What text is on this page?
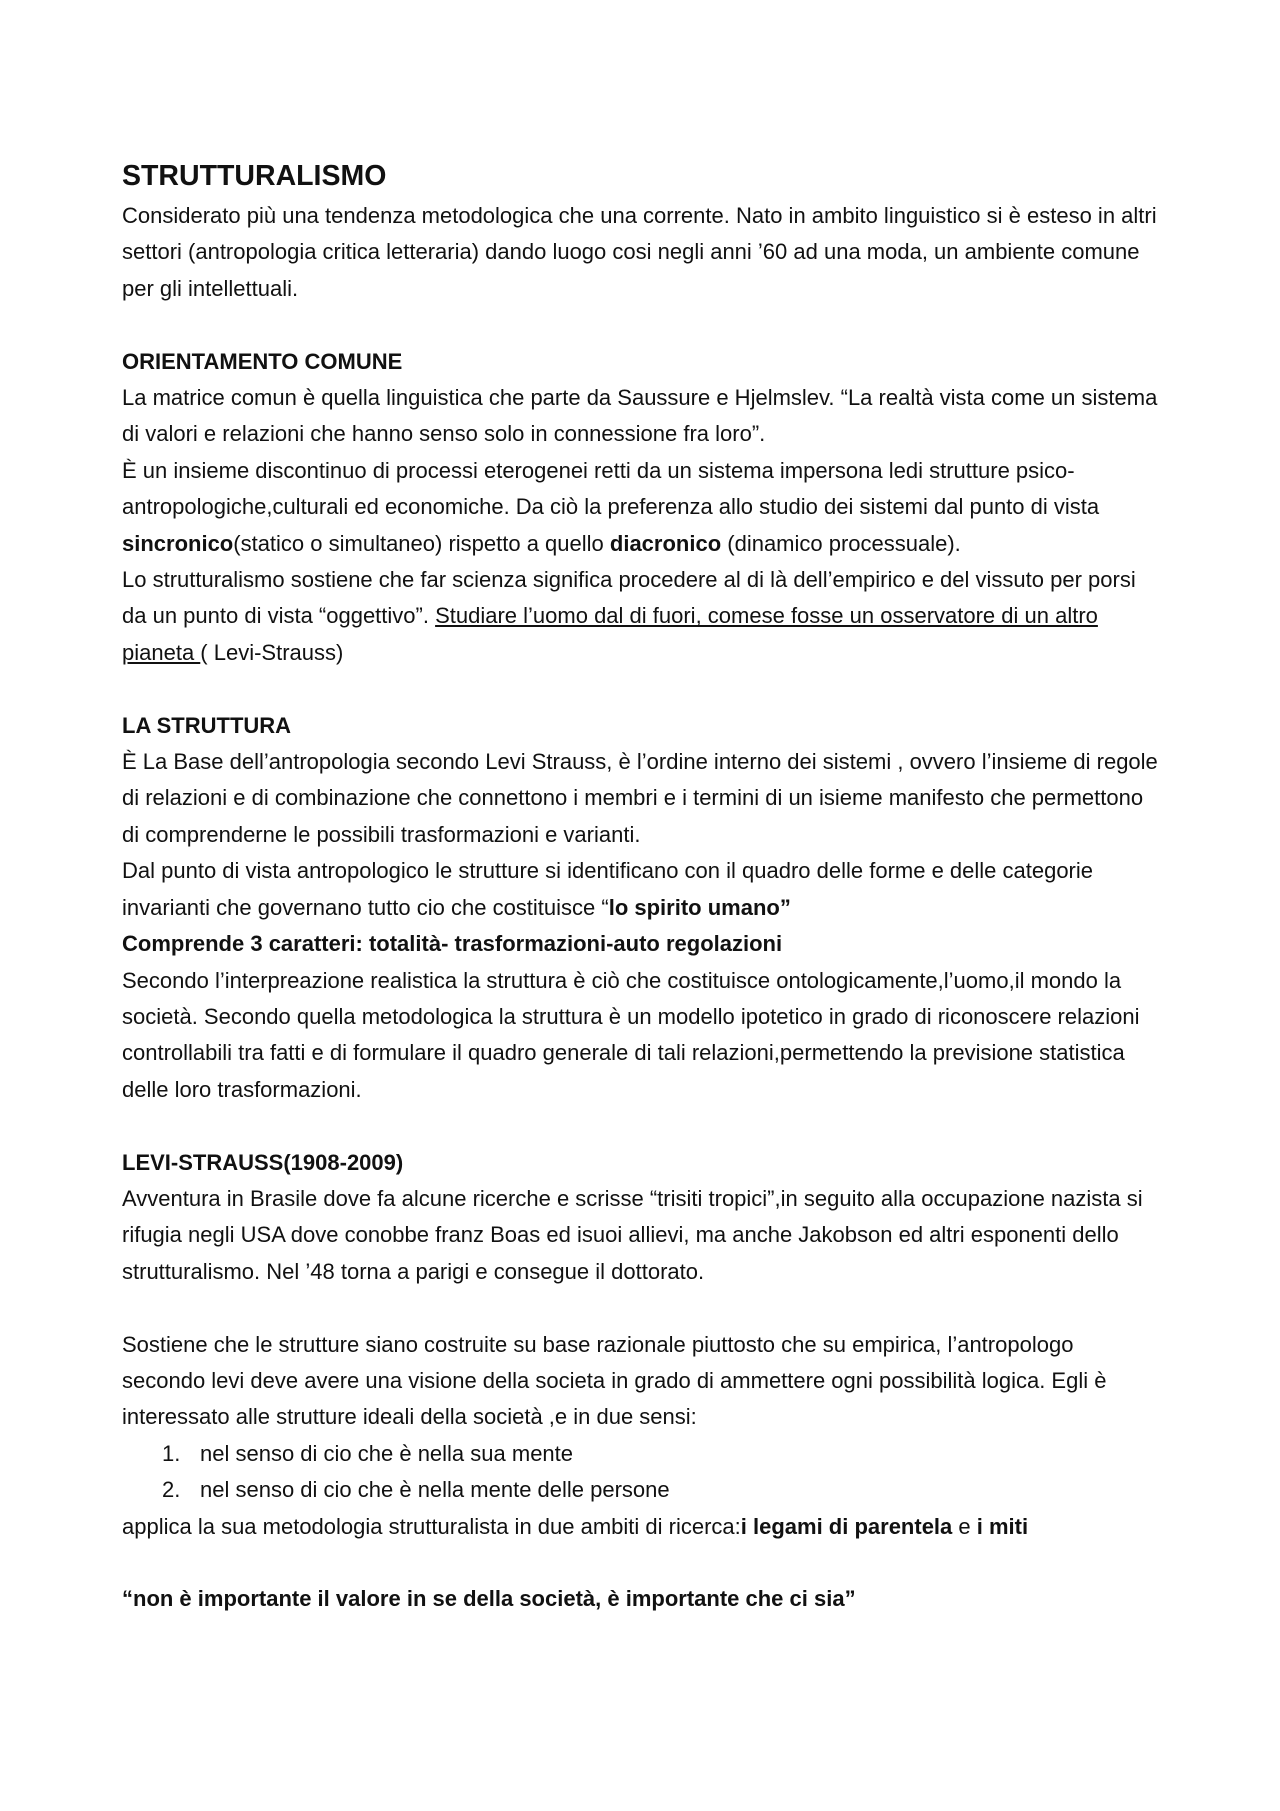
STRUTTURALISMO

Considerato più una tendenza metodologica che una corrente. Nato in ambito linguistico si è esteso in altri settori (antropologia critica letteraria) dando luogo cosi negli anni ’60 ad una moda, un ambiente comune per gli intellettuali.

ORIENTAMENTO COMUNE

La matrice comun è quella linguistica che parte da Saussure e Hjelmslev. “La realtà vista come un sistema di valori e relazioni che hanno senso solo in connessione fra loro”.

È un insieme discontinuo di processi eterogenei retti da un sistema impersona ledi strutture psico-antropologiche,culturali ed economiche. Da ciò la preferenza allo studio dei sistemi dal punto di vista sincronico(statico o simultaneo) rispetto a quello diacronico (dinamico processuale).

Lo strutturalismo sostiene che far scienza significa procedere al di là dell’empirico e del vissuto per porsi da un punto di vista “oggettivo”. Studiare l’uomo dal di fuori, comese fosse un osservatore di un altro pianeta ( Levi-Strauss)

LA STRUTTURA

È La Base dell’antropologia secondo Levi Strauss, è l’ordine interno dei sistemi , ovvero l’insieme di regole di relazioni e di combinazione che connettono i membri e i termini di un isieme manifesto che permettono di comprenderne le possibili trasformazioni e varianti.

Dal punto di vista antropologico le strutture si identificano con il quadro delle forme e delle categorie invarianti che governano tutto cio che costituisce “lo spirito umano”

Comprende 3 caratteri: totalità- trasformazioni-auto regolazioni

Secondo l’interpreazione realistica la struttura è ciò che costituisce ontologicamente,l’uomo,il mondo la società. Secondo quella metodologica la struttura è un modello ipotetico in grado di riconoscere relazioni controllabili tra fatti e di formulare il quadro generale di tali relazioni,permettendo la previsione statistica delle loro trasformazioni.

LEVI-STRAUSS(1908-2009)

Avventura in Brasile dove fa alcune ricerche e scrisse “trisiti tropici”,in seguito alla occupazione nazista si rifugia negli USA dove conobbe franz Boas ed isuoi allievi, ma anche Jakobson ed altri esponenti dello strutturalismo. Nel ’48 torna a parigi e consegue il dottorato.

Sostiene che le strutture siano costruite su base razionale piuttosto che su empirica, l’antropologo secondo levi deve avere una visione della societa in grado di ammettere ogni possibilità logica. Egli è interessato alle strutture ideali della società ,e in due sensi:

1. nel senso di cio che è nella sua mente
2. nel senso di cio che è nella mente delle persone

applica la sua metodologia strutturalista in due ambiti di ricerca:i legami di parentela e i miti

“non è importante il valore in se della società, è importante che ci sia”
